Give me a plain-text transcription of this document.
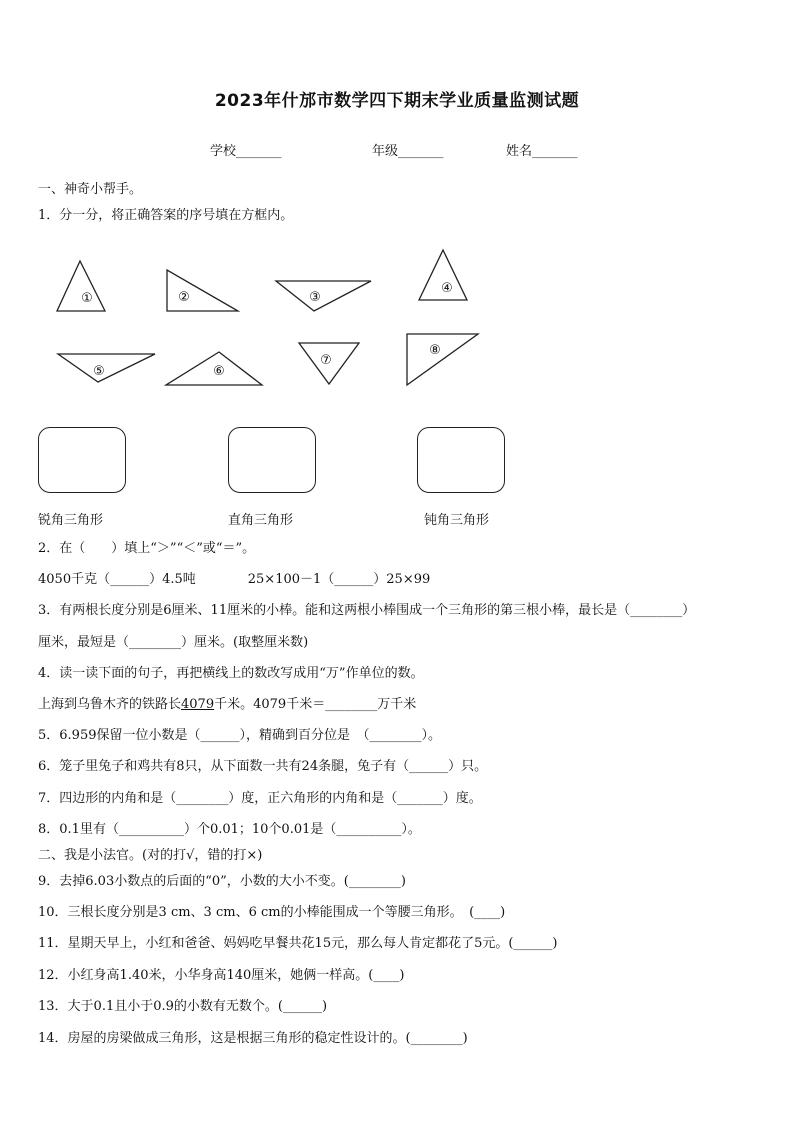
2023年什邡市数学四下期末学业质量监测试题
学校_______	年级_______	姓名_______
一、神奇小帮手。
1．分一分，将正确答案的序号填在方框内。
①	②	③
④
⑤	⑥
⑦
⑧
锐角三角形	直角三角形	钝角三角形
2．在（　　）填上“＞”“＜”或“＝”。
4050千克（______）4.5吨　　　　25×100－1（______）25×99
3．有两根长度分别是6厘米、11厘米的小棒。能和这两根小棒围成一个三角形的第三根小棒，最长是（________）
厘米，最短是（________）厘米。(取整厘米数)
4．读一读下面的句子，再把横线上的数改写成用“万”作单位的数。
上海到乌鲁木齐的铁路长4079千米。4079千米＝________万千米
5．6.959保留一位小数是（______），精确到百分位是　（________）。
6．笼子里兔子和鸡共有8只，从下面数一共有24条腿，兔子有（______）只。
7．四边形的内角和是（________）度，正六角形的内角和是（_______）度。
8．0.1里有（__________）个0.01；10个0.01是（__________）。
二、我是小法官。(对的打√，错的打×)
9．去掉6.03小数点的后面的“0”，小数的大小不变。(________)
10．三根长度分别是3 cm、3 cm、6 cm的小棒能围成一个等腰三角形。　(____)
11．星期天早上，小红和爸爸、妈妈吃早餐共花15元，那么每人肯定都花了5元。(______)
12．小红身高1.40米，小华身高140厘米，她俩一样高。(____)
13．大于0.1且小于0.9的小数有无数个。(______)
14．房屋的房梁做成三角形，这是根据三角形的稳定性设计的。(________)
